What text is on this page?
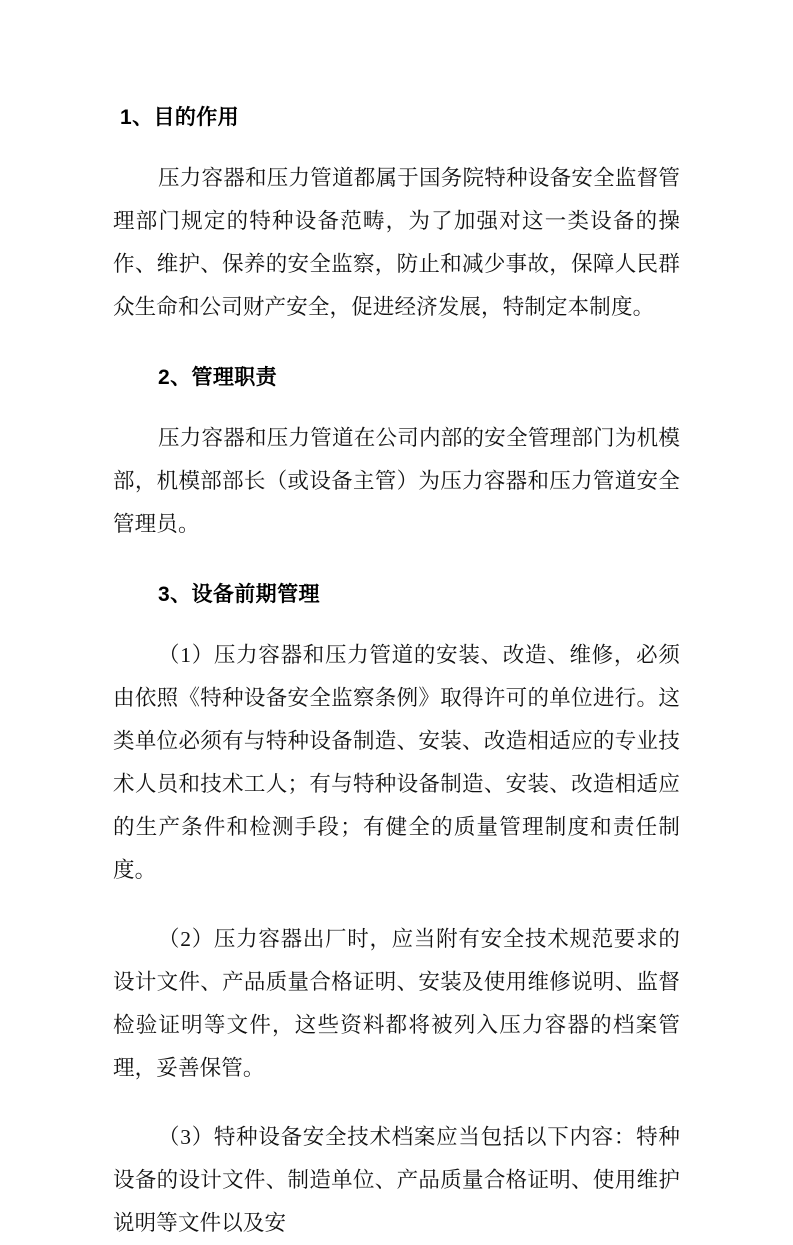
1、目的作用

压力容器和压力管道都属于国务院特种设备安全监督管理部门规定的特种设备范畴，为了加强对这一类设备的操作、维护、保养的安全监察，防止和减少事故，保障人民群众生命和公司财产安全，促进经济发展，特制定本制度。

2、管理职责

压力容器和压力管道在公司内部的安全管理部门为机模部，机模部部长（或设备主管）为压力容器和压力管道安全管理员。

3、设备前期管理

（1）压力容器和压力管道的安装、改造、维修，必须由依照《特种设备安全监察条例》取得许可的单位进行。这类单位必须有与特种设备制造、安装、改造相适应的专业技术人员和技术工人；有与特种设备制造、安装、改造相适应的生产条件和检测手段；有健全的质量管理制度和责任制度。

（2）压力容器出厂时，应当附有安全技术规范要求的设计文件、产品质量合格证明、安装及使用维修说明、监督检验证明等文件，这些资料都将被列入压力容器的档案管理，妥善保管。

（3）特种设备安全技术档案应当包括以下内容：特种设备的设计文件、制造单位、产品质量合格证明、使用维护说明等文件以及安
